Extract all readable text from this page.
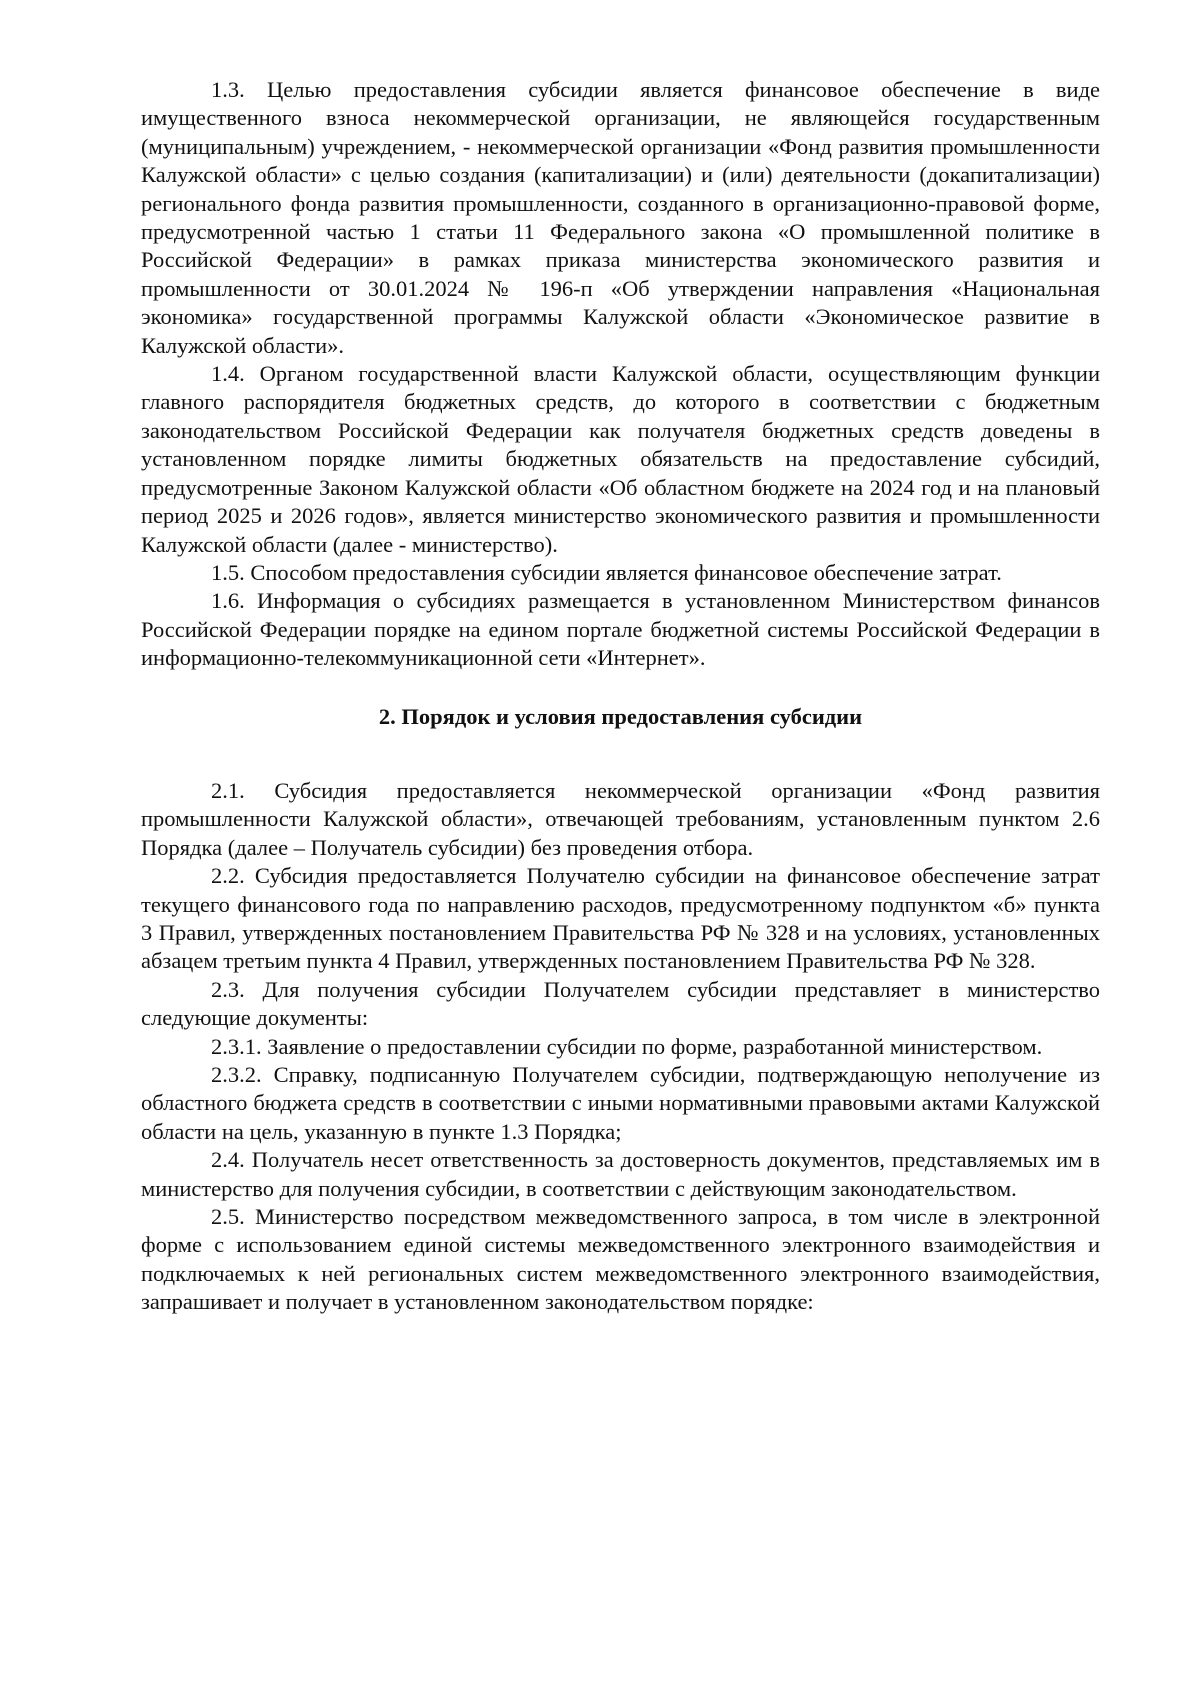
1.3. Целью предоставления субсидии является финансовое обеспечение в виде имущественного взноса некоммерческой организации, не являющейся государственным (муниципальным) учреждением, - некоммерческой организации «Фонд развития промышленности Калужской области» с целью создания (капитализации) и (или) деятельности (докапитализации) регионального фонда развития промышленности, созданного в организационно-правовой форме, предусмотренной частью 1 статьи 11 Федерального закона «О промышленной политике в Российской Федерации» в рамках приказа министерства экономического развития и промышленности от 30.01.2024 № 196-п «Об утверждении направления «Национальная экономика» государственной программы Калужской области «Экономическое развитие в Калужской области».

1.4. Органом государственной власти Калужской области, осуществляющим функции главного распорядителя бюджетных средств, до которого в соответствии с бюджетным законодательством Российской Федерации как получателя бюджетных средств доведены в установленном порядке лимиты бюджетных обязательств на предоставление субсидий, предусмотренные Законом Калужской области «Об областном бюджете на 2024 год и на плановый период 2025 и 2026 годов», является министерство экономического развития и промышленности Калужской области (далее - министерство).

1.5. Способом предоставления субсидии является финансовое обеспечение затрат.

1.6. Информация о субсидиях размещается в установленном Министерством финансов Российской Федерации порядке на едином портале бюджетной системы Российской Федерации в информационно-телекоммуникационной сети «Интернет».

2. Порядок и условия предоставления субсидии

2.1. Субсидия предоставляется некоммерческой организации «Фонд развития промышленности Калужской области», отвечающей требованиям, установленным пунктом 2.6 Порядка (далее – Получатель субсидии) без проведения отбора.

2.2. Субсидия предоставляется Получателю субсидии на финансовое обеспечение затрат текущего финансового года по направлению расходов, предусмотренному подпунктом «б» пункта 3 Правил, утвержденных постановлением Правительства РФ № 328 и на условиях, установленных абзацем третьим пункта 4 Правил, утвержденных постановлением Правительства РФ № 328.

2.3. Для получения субсидии Получателем субсидии представляет в министерство следующие документы:

2.3.1. Заявление о предоставлении субсидии по форме, разработанной министерством.

2.3.2. Справку, подписанную Получателем субсидии, подтверждающую неполучение из областного бюджета средств в соответствии с иными нормативными правовыми актами Калужской области на цель, указанную в пункте 1.3 Порядка;

2.4. Получатель несет ответственность за достоверность документов, представляемых им в министерство для получения субсидии, в соответствии с действующим законодательством.

2.5. Министерство посредством межведомственного запроса, в том числе в электронной форме с использованием единой системы межведомственного электронного взаимодействия и подключаемых к ней региональных систем межведомственного электронного взаимодействия, запрашивает и получает в установленном законодательством порядке:
